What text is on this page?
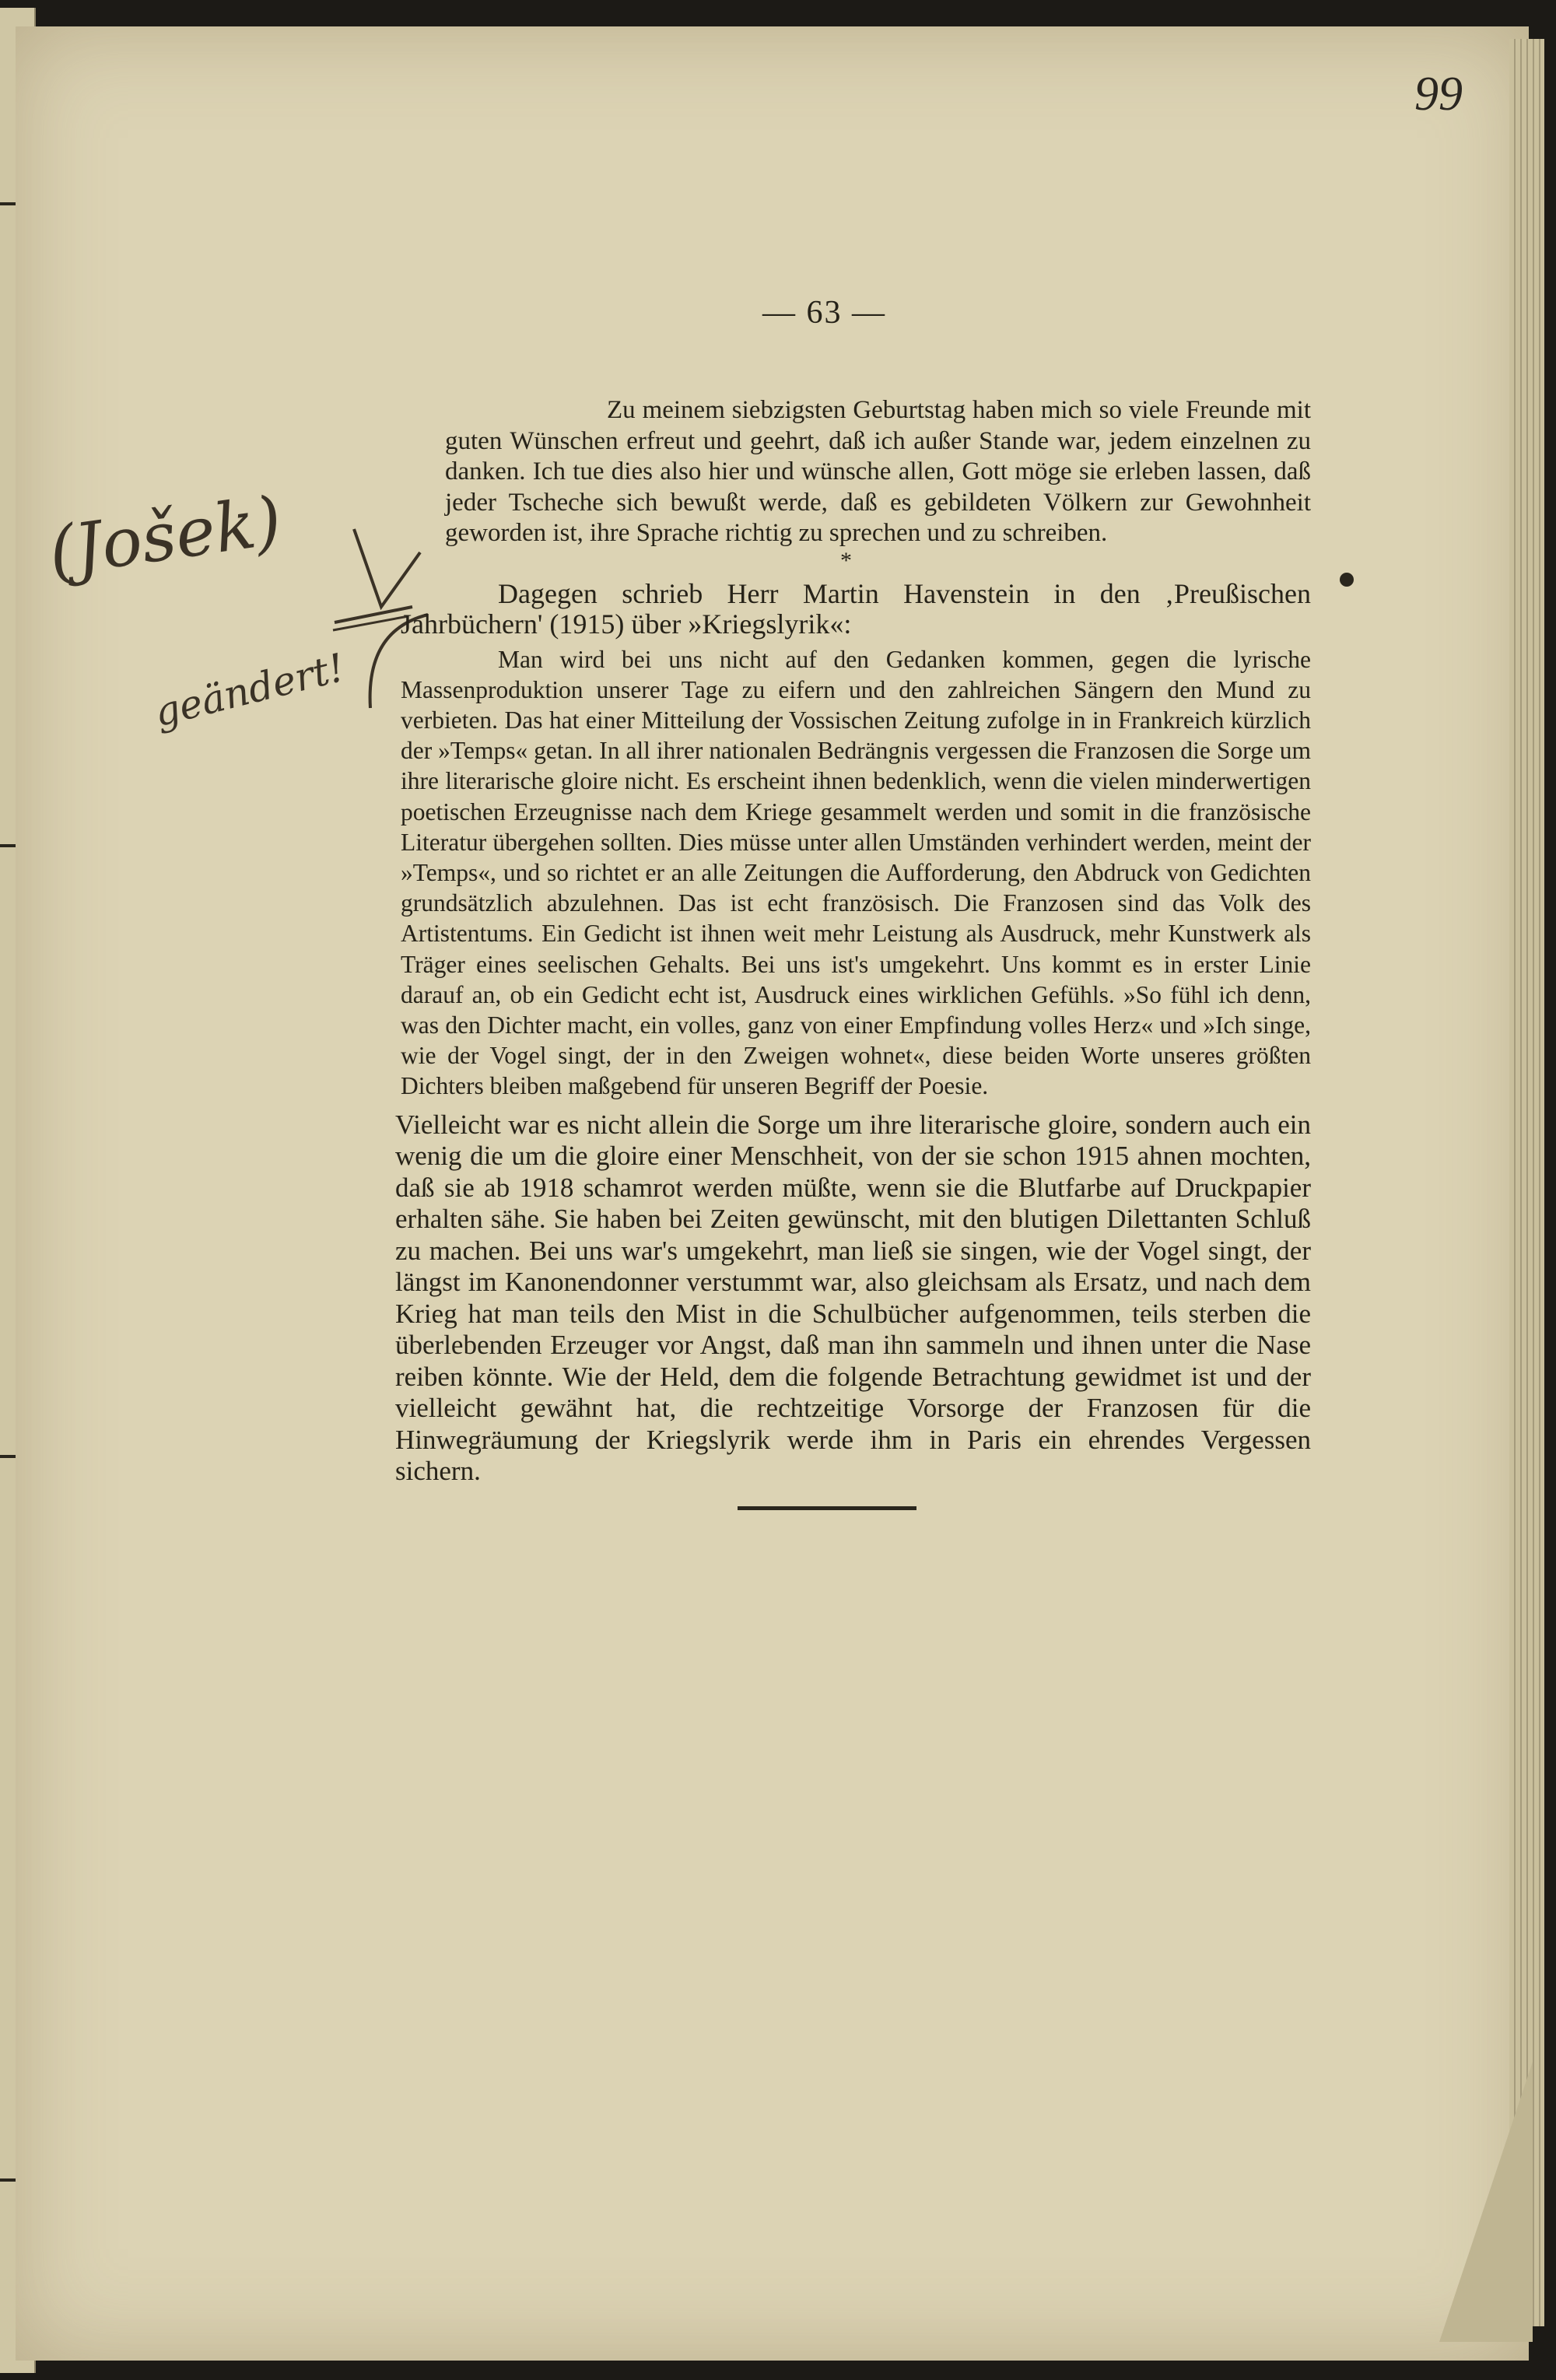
99
— 63 —
(Jošek)
geändert!

Zu meinem siebzigsten Geburtstag haben mich so viele Freunde mit guten Wünschen erfreut und geehrt, daß ich außer Stande war, jedem einzelnen zu danken. Ich tue dies also hier und wünsche allen, Gott möge sie erleben lassen, daß jeder Tscheche sich bewußt werde, daß es gebildeten Völkern zur Gewohnheit geworden ist, ihre Sprache richtig zu sprechen und zu schreiben.

*

Dagegen schrieb Herr Martin Havenstein in den ‚Preußischen Jahrbüchern' (1915) über »Kriegslyrik«:

Man wird bei uns nicht auf den Gedanken kommen, gegen die lyrische Massenproduktion unserer Tage zu eifern und den zahlreichen Sängern den Mund zu verbieten. Das hat einer Mitteilung der Vossischen Zeitung zufolge in in Frankreich kürzlich der »Temps« getan. In all ihrer nationalen Bedrängnis vergessen die Franzosen die Sorge um ihre literarische gloire nicht. Es erscheint ihnen bedenklich, wenn die vielen minderwertigen poetischen Erzeugnisse nach dem Kriege gesammelt werden und somit in die französische Literatur übergehen sollten. Dies müsse unter allen Umständen verhindert werden, meint der »Temps«, und so richtet er an alle Zeitungen die Aufforderung, den Abdruck von Gedichten grundsätzlich abzulehnen. Das ist echt französisch. Die Franzosen sind das Volk des Artistentums. Ein Gedicht ist ihnen weit mehr Leistung als Ausdruck, mehr Kunstwerk als Träger eines seelischen Gehalts. Bei uns ist's umgekehrt. Uns kommt es in erster Linie darauf an, ob ein Gedicht echt ist, Ausdruck eines wirklichen Gefühls. »So fühl ich denn, was den Dichter macht, ein volles, ganz von einer Empfindung volles Herz« und »Ich singe, wie der Vogel singt, der in den Zweigen wohnet«, diese beiden Worte unseres größten Dichters bleiben maßgebend für unseren Begriff der Poesie.

Vielleicht war es nicht allein die Sorge um ihre literarische gloire, sondern auch ein wenig die um die gloire einer Menschheit, von der sie schon 1915 ahnen mochten, daß sie ab 1918 schamrot werden müßte, wenn sie die Blutfarbe auf Druckpapier erhalten sähe. Sie haben bei Zeiten gewünscht, mit den blutigen Dilettanten Schluß zu machen. Bei uns war's umgekehrt, man ließ sie singen, wie der Vogel singt, der längst im Kanonendonner verstummt war, also gleichsam als Ersatz, und nach dem Krieg hat man teils den Mist in die Schulbücher aufgenommen, teils sterben die überlebenden Erzeuger vor Angst, daß man ihn sammeln und ihnen unter die Nase reiben könnte. Wie der Held, dem die folgende Betrachtung gewidmet ist und der vielleicht gewähnt hat, die rechtzeitige Vorsorge der Franzosen für die Hinwegräumung der Kriegslyrik werde ihm in Paris ein ehrendes Vergessen sichern.
